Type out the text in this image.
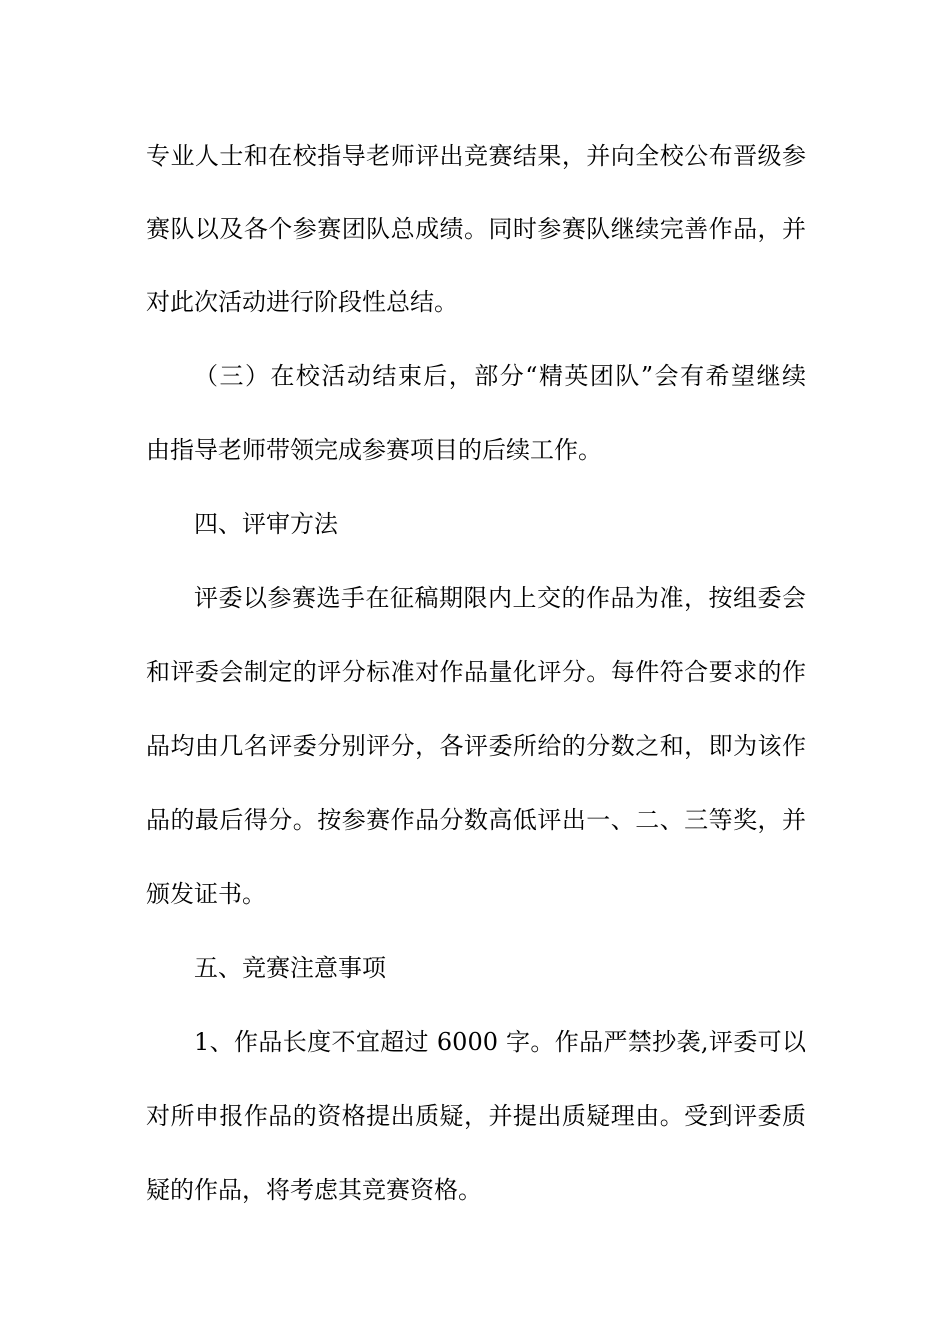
专业人士和在校指导老师评出竞赛结果，并向全校公布晋级参

赛队以及各个参赛团队总成绩。同时参赛队继续完善作品，并

对此次活动进行阶段性总结。

（三）在校活动结束后，部分“精英团队”会有希望继续

由指导老师带领完成参赛项目的后续工作。

四、评审方法

评委以参赛选手在征稿期限内上交的作品为准，按组委会

和评委会制定的评分标准对作品量化评分。每件符合要求的作

品均由几名评委分别评分，各评委所给的分数之和，即为该作

品的最后得分。按参赛作品分数高低评出一、二、三等奖，并

颁发证书。

五、竞赛注意事项

1、作品长度不宜超过 6000 字。作品严禁抄袭,评委可以

对所申报作品的资格提出质疑，并提出质疑理由。受到评委质

疑的作品，将考虑其竞赛资格。
